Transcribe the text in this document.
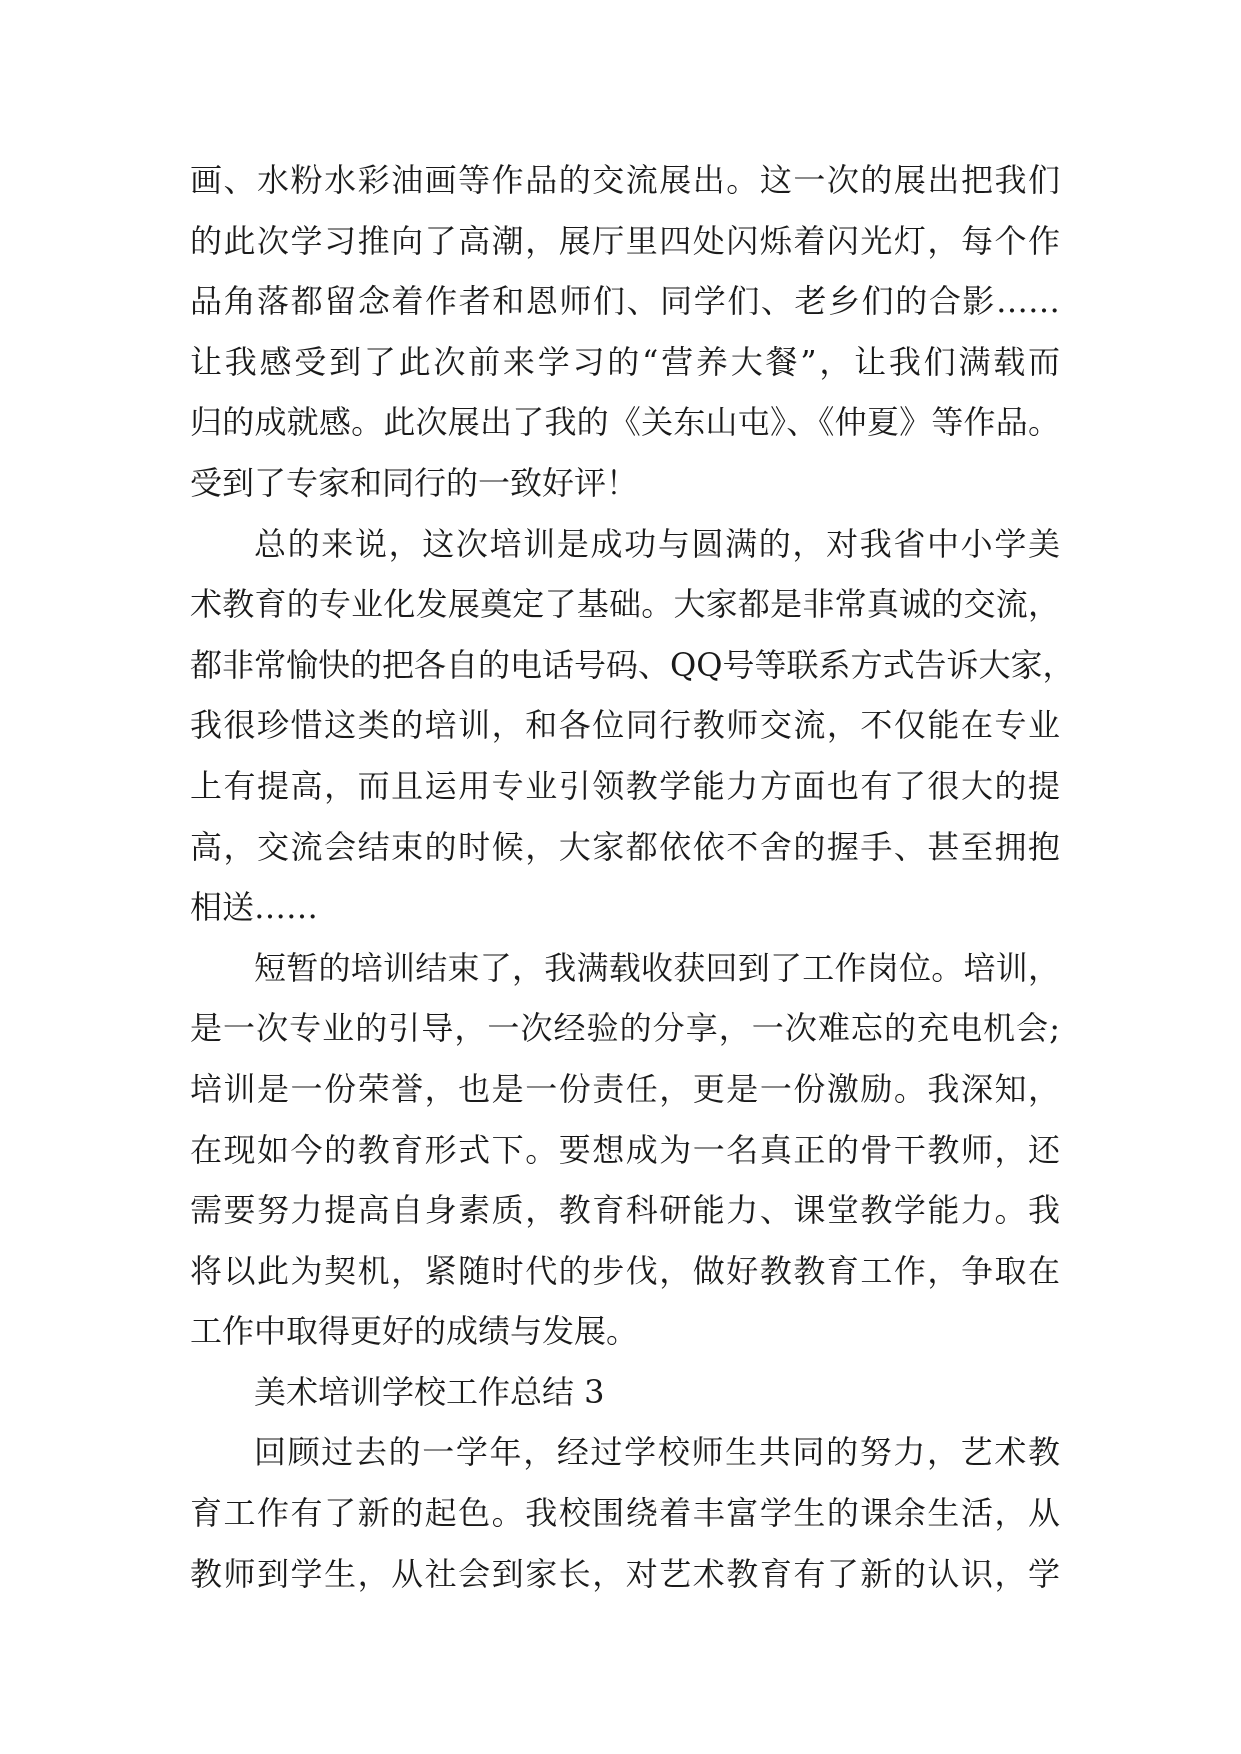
画、水粉水彩油画等作品的交流展出。这一次的展出把我们
的此次学习推向了高潮，展厅里四处闪烁着闪光灯，每个作
品角落都留念着作者和恩师们、同学们、老乡们的合影……
让我感受到了此次前来学习的“营养大餐”，让我们满载而
归的成就感。此次展出了我的《关东山屯》、《仲夏》等作品。
受到了专家和同行的一致好评！
总的来说，这次培训是成功与圆满的，对我省中小学美
术教育的专业化发展奠定了基础。大家都是非常真诚的交流，
都非常愉快的把各自的电话号码、QQ号等联系方式告诉大家，
我很珍惜这类的培训，和各位同行教师交流，不仅能在专业
上有提高，而且运用专业引领教学能力方面也有了很大的提
高，交流会结束的时候，大家都依依不舍的握手、甚至拥抱
相送……
短暂的培训结束了，我满载收获回到了工作岗位。培训，
是一次专业的引导，一次经验的分享，一次难忘的充电机会;
培训是一份荣誉，也是一份责任，更是一份激励。我深知，
在现如今的教育形式下。要想成为一名真正的骨干教师，还
需要努力提高自身素质，教育科研能力、课堂教学能力。我
将以此为契机，紧随时代的步伐，做好教教育工作，争取在
工作中取得更好的成绩与发展。
美术培训学校工作总结 3
回顾过去的一学年，经过学校师生共同的努力，艺术教
育工作有了新的起色。我校围绕着丰富学生的课余生活，从
教师到学生，从社会到家长，对艺术教育有了新的认识，学
